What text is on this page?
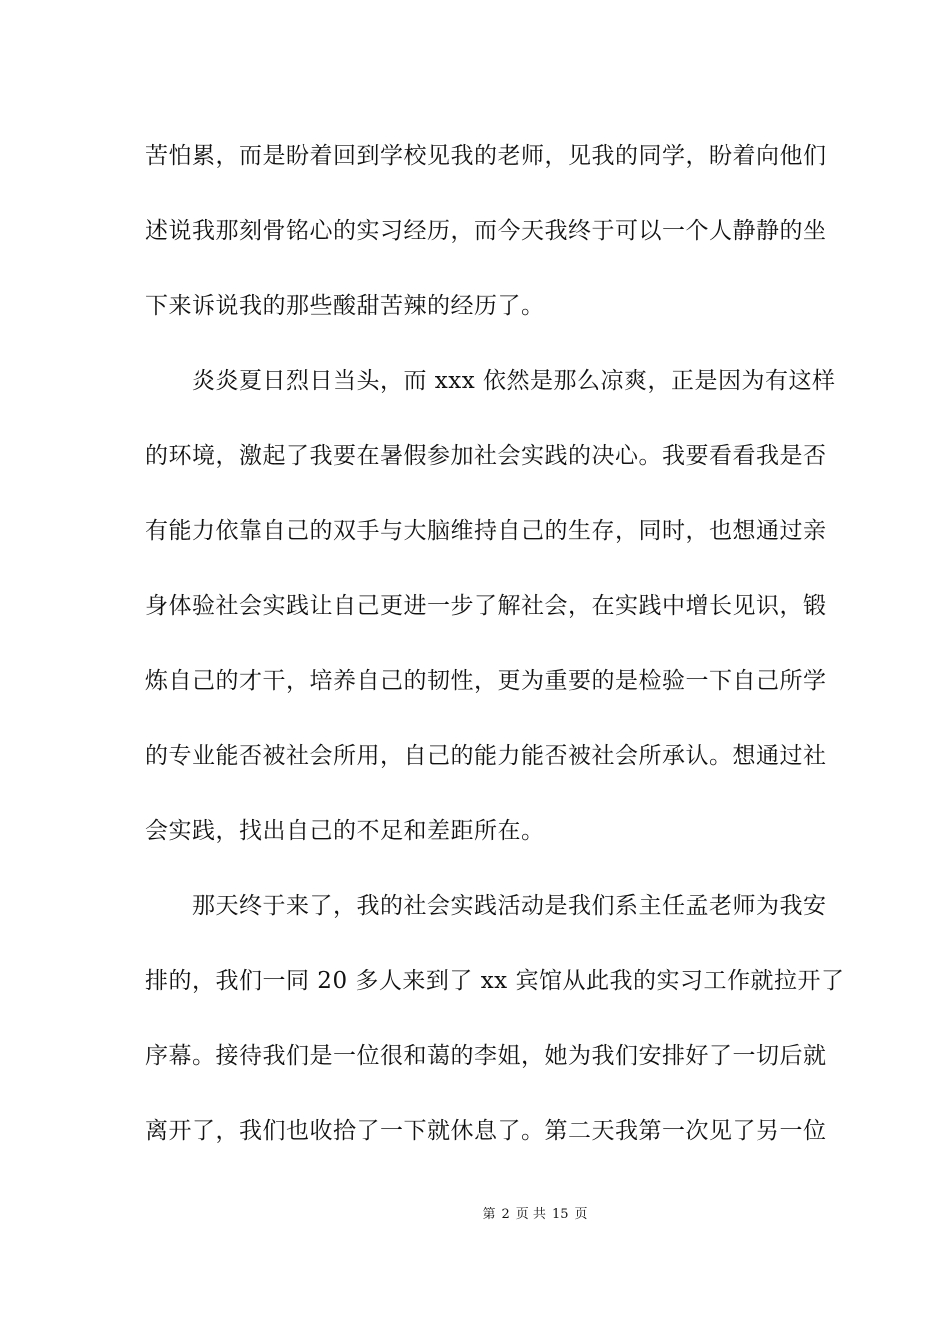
苦怕累，而是盼着回到学校见我的老师，见我的同学，盼着向他们
述说我那刻骨铭心的实习经历，而今天我终于可以一个人静静的坐
下来诉说我的那些酸甜苦辣的经历了。
炎炎夏日烈日当头，而 xxx 依然是那么凉爽，正是因为有这样
的环境，激起了我要在暑假参加社会实践的决心。我要看看我是否
有能力依靠自己的双手与大脑维持自己的生存，同时，也想通过亲
身体验社会实践让自己更进一步了解社会，在实践中增长见识，锻
炼自己的才干，培养自己的韧性，更为重要的是检验一下自己所学
的专业能否被社会所用，自己的能力能否被社会所承认。想通过社
会实践，找出自己的不足和差距所在。
那天终于来了，我的社会实践活动是我们系主任孟老师为我安
排的，我们一同 20 多人来到了 xx 宾馆从此我的实习工作就拉开了
序幕。接待我们是一位很和蔼的李姐，她为我们安排好了一切后就
离开了，我们也收拾了一下就休息了。第二天我第一次见了另一位
第 2 页 共 15 页
